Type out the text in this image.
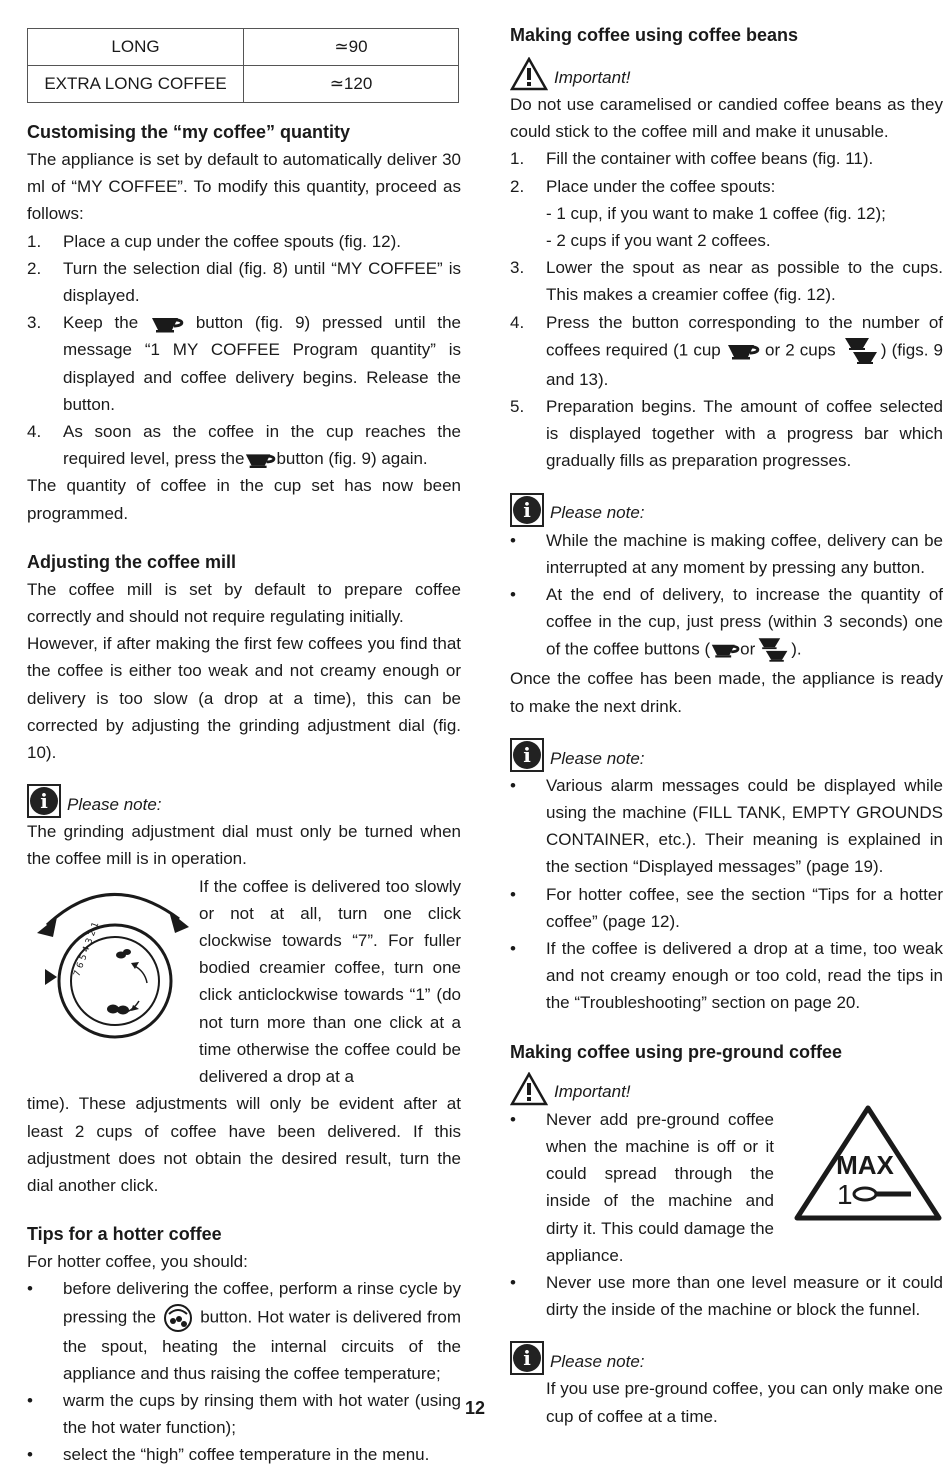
LONG	≃90
EXTRA LONG COFFEE	≃120
Customising the “my coffee” quantity

The appliance is set by default to automatically deliver 30 ml of “MY COFFEE”. To modify this quantity, proceed as follows:

1. Place a cup under the coffee spouts (fig. 12).
2. Turn the selection dial (fig. 8) until “MY COFFEE” is displayed.
3. Keep the	button (fig. 9) pressed until the message “1 MY COFFEE Program quantity” is displayed and coffee delivery begins. Release the button.
4. As soon as the coffee in the cup reaches the required level, press the button (fig. 9) again.

The quantity of coffee in the cup set has now been programmed.

Adjusting the coffee mill

The coffee mill is set by default to prepare coffee correctly and should not require regulating initially.

However, if after making the first few coffees you find that the coffee is either too weak and not creamy enough or delivery is too slow (a drop at a time), this can be corrected by adjusting the grinding adjustment dial (fig. 10).

i	Please note:

The grinding adjustment dial must only be turned when the coffee mill is in operation.

7 6 5 4 3 2 1

If the coffee is delivered too slowly or not at all, turn one click clockwise towards “7”. For fuller bodied creamier coffee, turn one click anticlockwise towards “1” (do not turn more than one click at a time otherwise the coffee could be delivered a drop at a

time). These adjustments will only be evident after at least 2 cups of coffee have been delivered. If this adjustment does not obtain the desired result, turn the dial another click.

Tips for a hotter coffee

For hotter coffee, you should:

• before delivering the coffee, perform a rinse cycle by pressing the	button. Hot water is delivered from the spout, heating the internal circuits of the appliance and thus raising the coffee temperature;
• warm the cups by rinsing them with hot water (using the hot water function);
• select the “high” coffee temperature in the menu.
Making coffee using coffee beans
Important!

Do not use caramelised or candied coffee beans as they could stick to the coffee mill and make it unusable.

1. Fill the container with coffee beans (fig. 11).
2. Place under the coffee spouts:
- 1 cup, if you want to make 1 coffee (fig. 12);
- 2 cups if you want 2 coffees.
3. Lower the spout as near as possible to the cups. This makes a creamier coffee (fig. 12).
4. Press the button corresponding to the number of coffees required (1 cup	or 2 cups	) (figs. 9 and 13).
5. Preparation begins. The amount of coffee selected is displayed together with a progress bar which gradually fills as preparation progresses.
i	Please note:
• While the machine is making coffee, delivery can be interrupted at any moment by pressing any button.
• At the end of delivery, to increase the quantity of coffee in the cup, just press (within 3 seconds) one of the coffee buttons ( or ).

Once the coffee has been made, the appliance is ready to make the next drink.

i	Please note:
• Various alarm messages could be displayed while using the machine (FILL TANK, EMPTY GROUNDS CONTAINER, etc.). Their meaning is explained in the section “Displayed messages” (page 19).
• For hotter coffee, see the section “Tips for a hotter coffee” (page 12).
• If the coffee is delivered a drop at a time, too weak and not creamy enough or too cold, read the tips in the “Troubleshooting” section on page 20.
Making coffee using pre-ground coffee
Important!
• Never add pre-ground coffee when the machine is off or it could spread through the inside of the machine and dirty it. This could damage the appliance.
• Never use more than one level measure or it could dirty the inside of the machine or block the funnel.
MAX
1
i	Please note:

If you use pre-ground coffee, you can only make one cup of coffee at a time.

12
